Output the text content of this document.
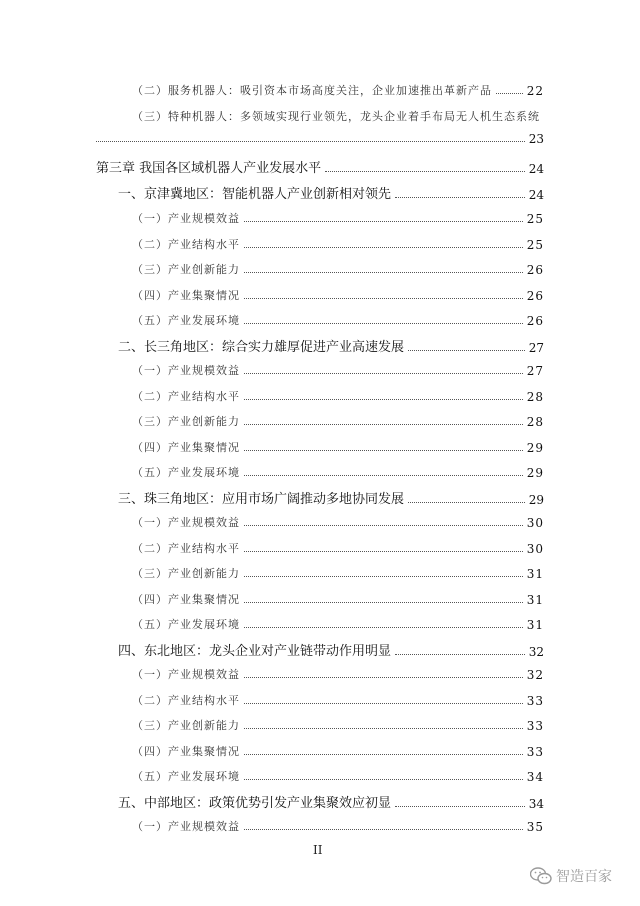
（二）服务机器人：吸引资本市场高度关注，企业加速推出革新产品	22
（三）特种机器人：多领域实现行业领先，龙头企业着手布局无人机生态系统
23
第三章 我国各区域机器人产业发展水平	24
一、京津冀地区：智能机器人产业创新相对领先	24
（一）产业规模效益	25
（二）产业结构水平	25
（三）产业创新能力	26
（四）产业集聚情况	26
（五）产业发展环境	26
二、长三角地区：综合实力雄厚促进产业高速发展	27
（一）产业规模效益	27
（二）产业结构水平	28
（三）产业创新能力	28
（四）产业集聚情况	29
（五）产业发展环境	29
三、珠三角地区：应用市场广阔推动多地协同发展	29
（一）产业规模效益	30
（二）产业结构水平	30
（三）产业创新能力	31
（四）产业集聚情况	31
（五）产业发展环境	31
四、东北地区：龙头企业对产业链带动作用明显	32
（一）产业规模效益	32
（二）产业结构水平	33
（三）产业创新能力	33
（四）产业集聚情况	33
（五）产业发展环境	34
五、中部地区：政策优势引发产业集聚效应初显	34
（一）产业规模效益	35
II
智造百家
